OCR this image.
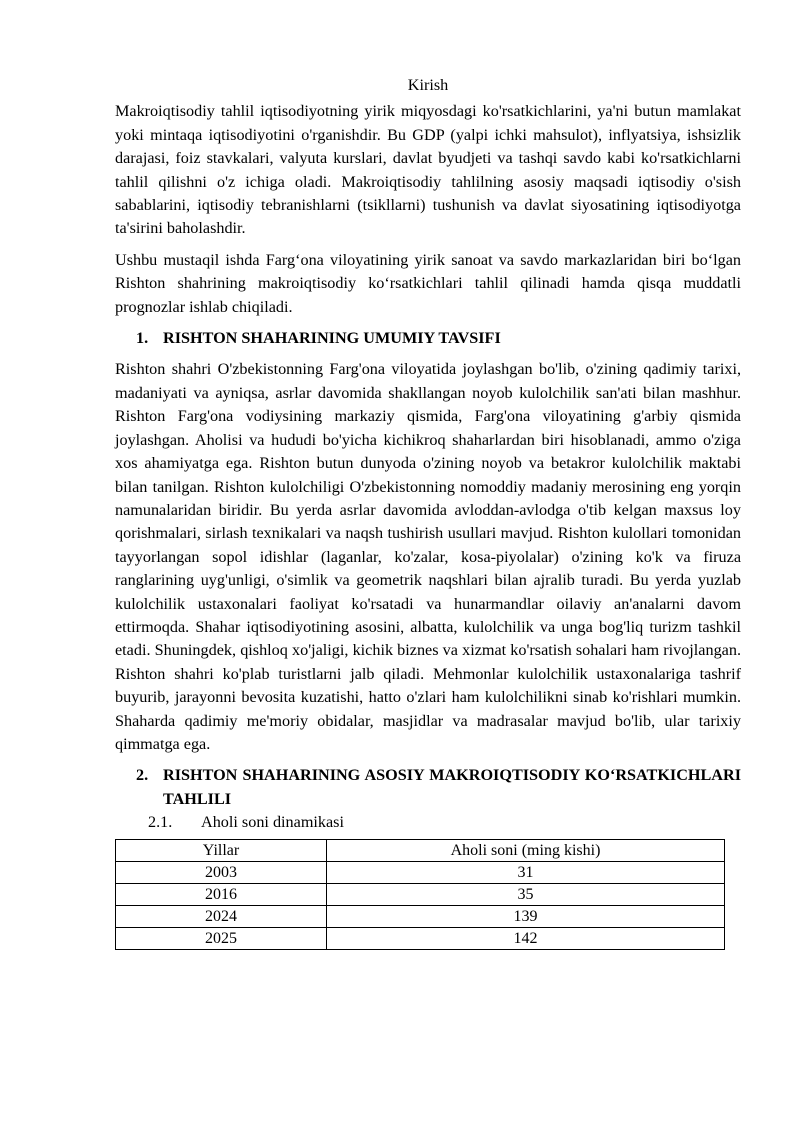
Kirish

Makroiqtisodiy tahlil iqtisodiyotning yirik miqyosdagi ko'rsatkichlarini, ya'ni butun mamlakat yoki mintaqa iqtisodiyotini o'rganishdir. Bu GDP (yalpi ichki mahsulot), inflyatsiya, ishsizlik darajasi, foiz stavkalari, valyuta kurslari, davlat byudjeti va tashqi savdo kabi ko'rsatkichlarni tahlil qilishni o'z ichiga oladi. Makroiqtisodiy tahlilning asosiy maqsadi iqtisodiy o'sish sabablarini, iqtisodiy tebranishlarni (tsikllarni) tushunish va davlat siyosatining iqtisodiyotga ta'sirini baholashdir.

Ushbu mustaqil ishda Farg‘ona viloyatining yirik sanoat va savdo markazlaridan biri bo‘lgan Rishton shahrining makroiqtisodiy ko‘rsatkichlari tahlil qilinadi hamda qisqa muddatli prognozlar ishlab chiqiladi.

1. RISHTON SHAHARINING UMUMIY TAVSIFI

Rishton shahri O'zbekistonning Farg'ona viloyatida joylashgan bo'lib, o'zining qadimiy tarixi, madaniyati va ayniqsa, asrlar davomida shakllangan noyob kulolchilik san'ati bilan mashhur. Rishton Farg'ona vodiysining markaziy qismida, Farg'ona viloyatining g'arbiy qismida joylashgan. Aholisi va hududi bo'yicha kichikroq shaharlardan biri hisoblanadi, ammo o'ziga xos ahamiyatga ega. Rishton butun dunyoda o'zining noyob va betakror kulolchilik maktabi bilan tanilgan. Rishton kulolchiligi O'zbekistonning nomoddiy madaniy merosining eng yorqin namunalaridan biridir. Bu yerda asrlar davomida avloddan-avlodga o'tib kelgan maxsus loy qorishmalari, sirlash texnikalari va naqsh tushirish usullari mavjud. Rishton kulollari tomonidan tayyorlangan sopol idishlar (laganlar, ko'zalar, kosa-piyolalar) o'zining ko'k va firuza ranglarining uyg'unligi, o'simlik va geometrik naqshlari bilan ajralib turadi. Bu yerda yuzlab kulolchilik ustaxonalari faoliyat ko'rsatadi va hunarmandlar oilaviy an'analarni davom ettirmoqda. Shahar iqtisodiyotining asosini, albatta, kulolchilik va unga bog'liq turizm tashkil etadi. Shuningdek, qishloq xo'jaligi, kichik biznes va xizmat ko'rsatish sohalari ham rivojlangan. Rishton shahri ko'plab turistlarni jalb qiladi. Mehmonlar kulolchilik ustaxonalariga tashrif buyurib, jarayonni bevosita kuzatishi, hatto o'zlari ham kulolchilikni sinab ko'rishlari mumkin. Shaharda qadimiy me'moriy obidalar, masjidlar va madrasalar mavjud bo'lib, ular tarixiy qimmatga ega.

2. RISHTON SHAHARINING ASOSIY MAKROIQTISODIY KO‘RSATKICHLARI TAHLILI
2.1.	Aholi soni dinamikasi
Yillar	Aholi soni (ming kishi)
2003	31
2016	35
2024	139
2025	142
